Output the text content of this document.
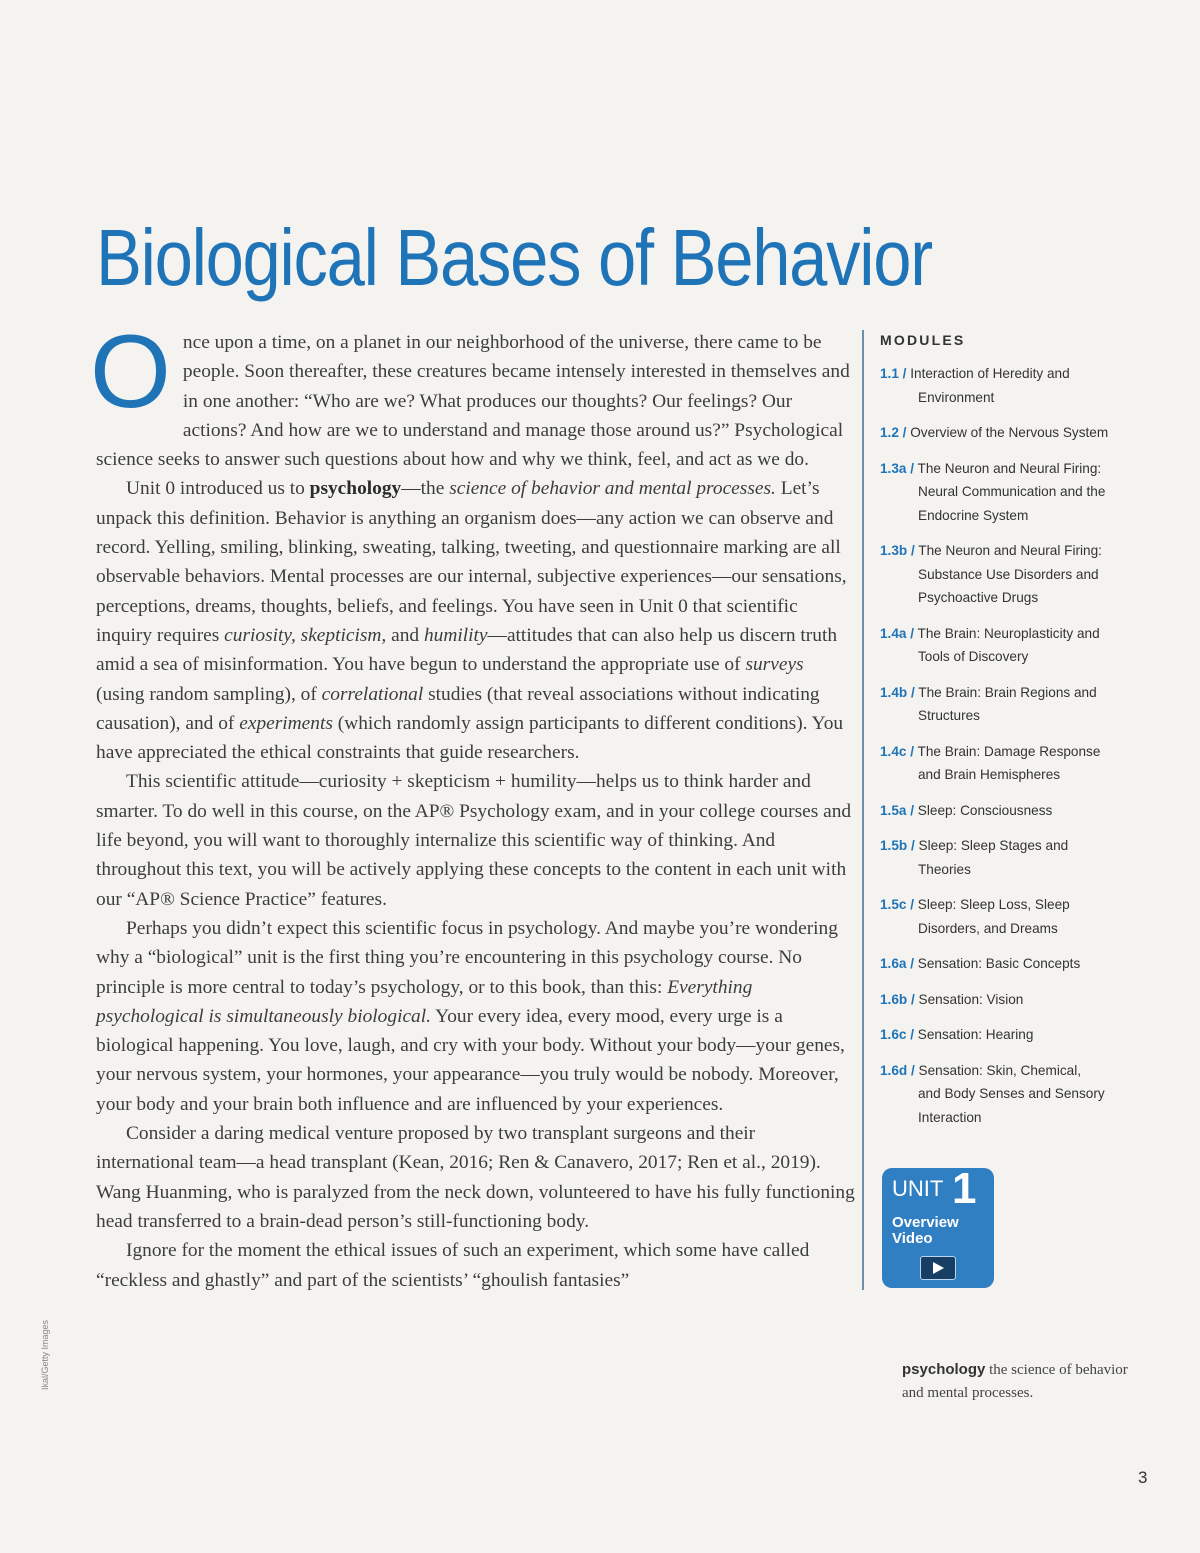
Biological Bases of Behavior

Once upon a time, on a planet in our neighborhood of the universe, there came to be people. Soon thereafter, these creatures became intensely interested in themselves and in one another: “Who are we? What produces our thoughts? Our feelings? Our actions? And how are we to understand and manage those around us?” Psychological science seeks to answer such questions about how and why we think, feel, and act as we do.

Unit 0 introduced us to psychology—the science of behavior and mental processes. Let’s unpack this definition. Behavior is anything an organism does—any action we can observe and record. Yelling, smiling, blinking, sweating, talking, tweeting, and questionnaire marking are all observable behaviors. Mental processes are our internal, subjective experiences—our sensations, perceptions, dreams, thoughts, beliefs, and feelings. You have seen in Unit 0 that scientific inquiry requires curiosity, skepticism, and humility—attitudes that can also help us discern truth amid a sea of misinformation. You have begun to understand the appropriate use of surveys (using random sampling), of correlational studies (that reveal associations without indicating causation), and of experiments (which randomly assign participants to different conditions). You have appreciated the ethical constraints that guide researchers.

This scientific attitude—curiosity + skepticism + humility—helps us to think harder and smarter. To do well in this course, on the AP® Psychology exam, and in your college courses and life beyond, you will want to thoroughly internalize this scientific way of thinking. And throughout this text, you will be actively applying these concepts to the content in each unit with our “AP® Science Practice” features.

Perhaps you didn’t expect this scientific focus in psychology. And maybe you’re wondering why a “biological” unit is the first thing you’re encountering in this psychology course. No principle is more central to today’s psychology, or to this book, than this: Everything psychological is simultaneously biological. Your every idea, every mood, every urge is a biological happening. You love, laugh, and cry with your body. Without your body—your genes, your nervous system, your hormones, your appearance—you truly would be nobody. Moreover, your body and your brain both influence and are influenced by your experiences.

Consider a daring medical venture proposed by two transplant surgeons and their international team—a head transplant (Kean, 2016; Ren & Canavero, 2017; Ren et al., 2019). Wang Huanming, who is paralyzed from the neck down, volunteered to have his fully functioning head transferred to a brain-dead person’s still-functioning body.

Ignore for the moment the ethical issues of such an experiment, which some have called “reckless and ghastly” and part of the scientists’ “ghoulish fantasies”

MODULES
1.1 / Interaction of Heredity and
Environment
1.2 / Overview of the Nervous System
1.3a / The Neuron and Neural Firing:
Neural Communication and the Endocrine System
1.3b / The Neuron and Neural Firing:
Substance Use Disorders and Psychoactive Drugs
1.4a / The Brain: Neuroplasticity and
Tools of Discovery
1.4b / The Brain: Brain Regions and
Structures
1.4c / The Brain: Damage Response
and Brain Hemispheres
1.5a / Sleep: Consciousness
1.5b / Sleep: Sleep Stages and
Theories
1.5c / Sleep: Sleep Loss, Sleep
Disorders, and Dreams
1.6a / Sensation: Basic Concepts
1.6b / Sensation: Vision
1.6c / Sensation: Hearing
1.6d / Sensation: Skin, Chemical,
and Body Senses and Sensory Interaction
UNIT 1
Overview
Video
psychology the science of behavior and mental processes.
3
Ikal/Getty Images
